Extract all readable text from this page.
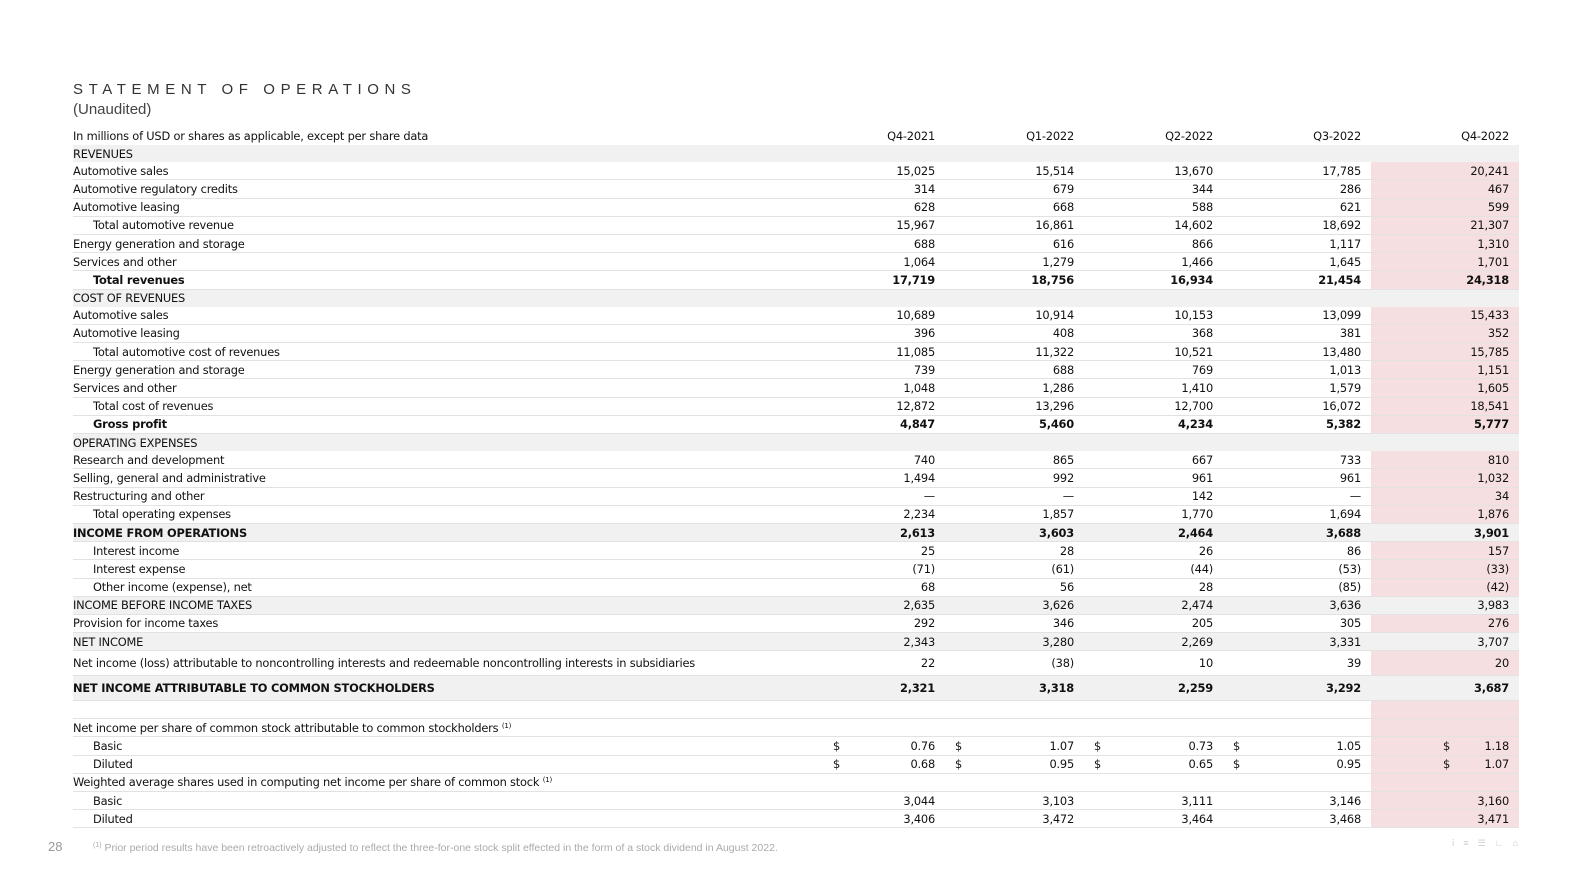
STATEMENT OF OPERATIONS
(Unaudited)
In millions of USD or shares as applicable, except per share data	Q4-2021	Q1-2022	Q2-2022	Q3-2022	Q4-2022
REVENUES					
Automotive sales	15,025	15,514	13,670	17,785	20,241
Automotive regulatory credits	314	679	344	286	467
Automotive leasing	628	668	588	621	599
Total automotive revenue	15,967	16,861	14,602	18,692	21,307
Energy generation and storage	688	616	866	1,117	1,310
Services and other	1,064	1,279	1,466	1,645	1,701
Total revenues	17,719	18,756	16,934	21,454	24,318
COST OF REVENUES					
Automotive sales	10,689	10,914	10,153	13,099	15,433
Automotive leasing	396	408	368	381	352
Total automotive cost of revenues	11,085	11,322	10,521	13,480	15,785
Energy generation and storage	739	688	769	1,013	1,151
Services and other	1,048	1,286	1,410	1,579	1,605
Total cost of revenues	12,872	13,296	12,700	16,072	18,541
Gross profit	4,847	5,460	4,234	5,382	5,777
OPERATING EXPENSES					
Research and development	740	865	667	733	810
Selling, general and administrative	1,494	992	961	961	1,032
Restructuring and other	—	—	142	—	34
Total operating expenses	2,234	1,857	1,770	1,694	1,876
INCOME FROM OPERATIONS	2,613	3,603	2,464	3,688	3,901
Interest income	25	28	26	86	157
Interest expense	(71)	(61)	(44)	(53)	(33)
Other income (expense), net	68	56	28	(85)	(42)
INCOME BEFORE INCOME TAXES	2,635	3,626	2,474	3,636	3,983
Provision for income taxes	292	346	205	305	276
NET INCOME	2,343	3,280	2,269	3,331	3,707
Net income (loss) attributable to noncontrolling interests and redeemable noncontrolling interests in subsidiaries	22	(38)	10	39	20
NET INCOME ATTRIBUTABLE TO COMMON STOCKHOLDERS	2,321	3,318	2,259	3,292	3,687

Net income per share of common stock attributable to common stockholders $^{(1)}$					
Basic	$ 0.76	$ 1.07	$ 0.73	$ 1.05	$ 1.18

Diluted	$ 0.68	$ 0.95	$ 0.65	$ 0.95	$ 1.07

Weighted average shares used in computing net income per share of common stock $^{(1)}$					
Basic	3,044	3,103	3,111	3,146	3,160
Diluted	3,406	3,472	3,464	3,468	3,471
28	$^{(1)}$ Prior period results have been retroactively adjusted to reflect the three-for-one stock split effected in the form of a stock dividend in August 2022.	ⅰ≡☰∟⌂
